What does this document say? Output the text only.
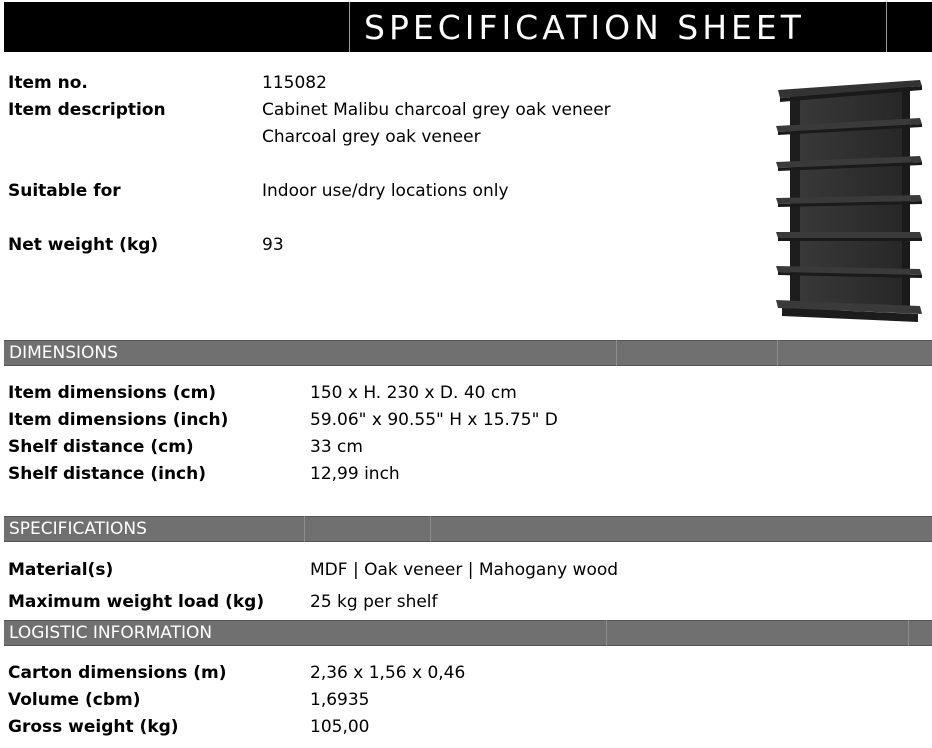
SPECIFICATION SHEET
Item no.	115082
Item description	Cabinet Malibu charcoal grey oak veneer
Charcoal grey oak veneer
Suitable for	Indoor use/dry locations only
Net weight (kg)	93
DIMENSIONS
Item dimensions (cm)	150 x H. 230 x D. 40 cm
Item dimensions (inch)	59.06" x 90.55" H x 15.75" D
Shelf distance (cm)	33 cm
Shelf distance (inch)	12,99 inch
SPECIFICATIONS
Material(s)	MDF | Oak veneer | Mahogany wood
Maximum weight load (kg)	25 kg per shelf
LOGISTIC INFORMATION
Carton dimensions (m)	2,36 x 1,56 x 0,46
Volume (cbm)	1,6935
Gross weight (kg)	105,00
